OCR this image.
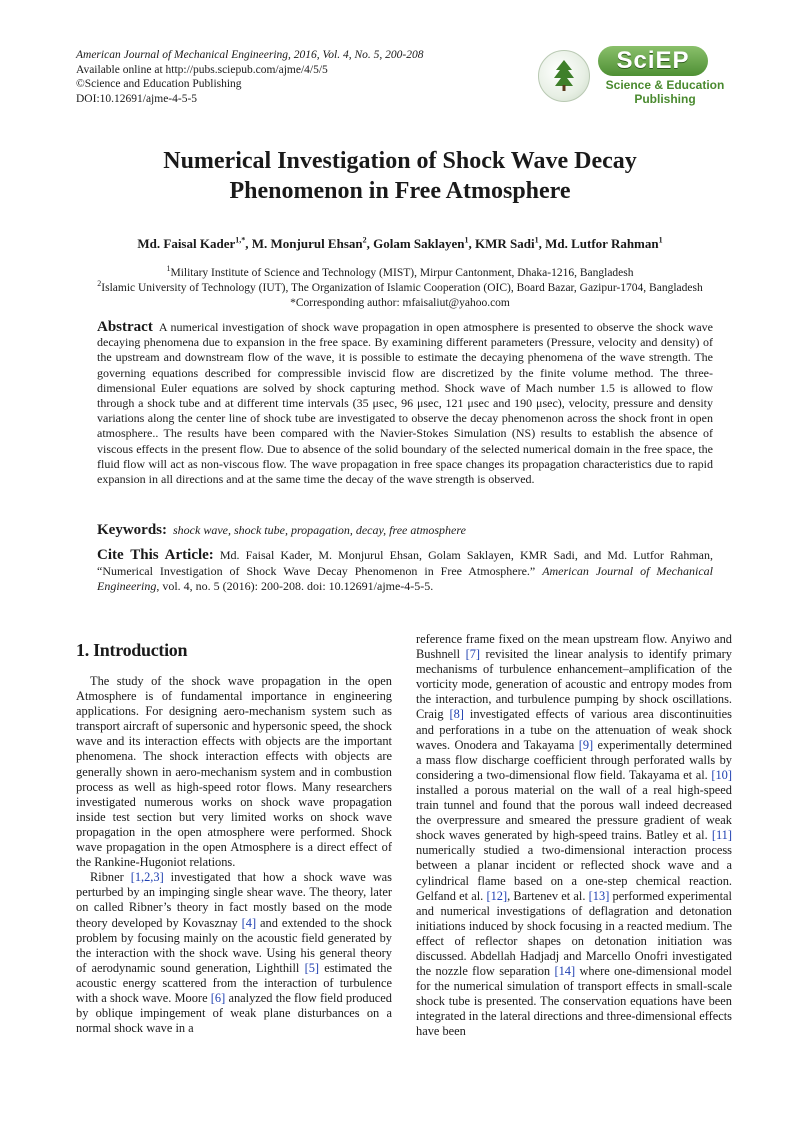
American Journal of Mechanical Engineering, 2016, Vol. 4, No. 5, 200-208
Available online at http://pubs.sciepub.com/ajme/4/5/5
©Science and Education Publishing
DOI:10.12691/ajme-4-5-5
SciEP
Science & Education
Publishing
Numerical Investigation of Shock Wave Decay
Phenomenon in Free Atmosphere
Md. Faisal Kader$^{1,*}$, M. Monjurul Ehsan$^2$, Golam Saklayen$^1$, KMR Sadi$^1$, Md. Lutfor Rahman$^1$
$^1$Military Institute of Science and Technology (MIST), Mirpur Cantonment, Dhaka-1216, Bangladesh
$^2$Islamic University of Technology (IUT), The Organization of Islamic Cooperation (OIC), Board Bazar, Gazipur-1704, Bangladesh
*Corresponding author: mfaisaliut@yahoo.com
Abstract A numerical investigation of shock wave propagation in open atmosphere is presented to observe the shock wave decaying phenomena due to expansion in the free space. By examining different parameters (Pressure, velocity and density) of the upstream and downstream flow of the wave, it is possible to estimate the decaying phenomena of the wave strength. The governing equations described for compressible inviscid flow are discretized by the finite volume method. The three-dimensional Euler equations are solved by shock capturing method. Shock wave of Mach number 1.5 is allowed to flow through a shock tube and at different time intervals (35 μsec, 96 μsec, 121 μsec and 190 μsec), velocity, pressure and density variations along the center line of shock tube are investigated to observe the decay phenomenon across the shock front in open atmosphere.. The results have been compared with the Navier-Stokes Simulation (NS) results to establish the absence of viscous effects in the present flow. Due to absence of the solid boundary of the selected numerical domain in the free space, the fluid flow will act as non-viscous flow. The wave propagation in free space changes its propagation characteristics due to rapid expansion in all directions and at the same time the decay of the wave strength is observed.
Keywords: shock wave, shock tube, propagation, decay, free atmosphere
Cite This Article: Md. Faisal Kader, M. Monjurul Ehsan, Golam Saklayen, KMR Sadi, and Md. Lutfor Rahman, “Numerical Investigation of Shock Wave Decay Phenomenon in Free Atmosphere.” American Journal of Mechanical Engineering, vol. 4, no. 5 (2016): 200-208. doi: 10.12691/ajme-4-5-5.
1. Introduction

The study of the shock wave propagation in the open Atmosphere is of fundamental importance in engineering applications. For designing aero-mechanism system such as transport aircraft of supersonic and hypersonic speed, the shock wave and its interaction effects with objects are the important phenomena. The shock interaction effects with objects are generally shown in aero-mechanism system and in combustion process as well as high-speed rotor flows. Many researchers investigated numerous works on shock wave propagation inside test section but very limited works on shock wave propagation in the open atmosphere were performed. Shock wave propagation in the open Atmosphere is a direct effect of the Rankine-Hugoniot relations.

Ribner [1,2,3] investigated that how a shock wave was perturbed by an impinging single shear wave. The theory, later on called Ribner’s theory in fact mostly based on the mode theory developed by Kovasznay [4] and extended to the shock problem by focusing mainly on the acoustic field generated by the interaction with the shock wave. Using his general theory of aerodynamic sound generation, Lighthill [5] estimated the acoustic energy scattered from the interaction of turbulence with a shock wave. Moore [6] analyzed the flow field produced by oblique impingement of weak plane disturbances on a normal shock wave in a

reference frame fixed on the mean upstream flow. Anyiwo and Bushnell [7] revisited the linear analysis to identify primary mechanisms of turbulence enhancement–amplification of the vorticity mode, generation of acoustic and entropy modes from the interaction, and turbulence pumping by shock oscillations. Craig [8] investigated effects of various area discontinuities and perforations in a tube on the attenuation of weak shock waves. Onodera and Takayama [9] experimentally determined a mass flow discharge coefficient through perforated walls by considering a two-dimensional flow field. Takayama et al. [10] installed a porous material on the wall of a real high-speed train tunnel and found that the porous wall indeed decreased the overpressure and smeared the pressure gradient of weak shock waves generated by high-speed trains. Batley et al. [11] numerically studied a two-dimensional interaction process between a planar incident or reflected shock wave and a cylindrical flame based on a one-step chemical reaction. Gelfand et al. [12], Bartenev et al. [13] performed experimental and numerical investigations of deflagration and detonation initiations induced by shock focusing in a reacted medium. The effect of reflector shapes on detonation initiation was discussed. Abdellah Hadjadj and Marcello Onofri investigated the nozzle flow separation [14] where one-dimensional model for the numerical simulation of transport effects in small-scale shock tube is presented. The conservation equations have been integrated in the lateral directions and three-dimensional effects have been
